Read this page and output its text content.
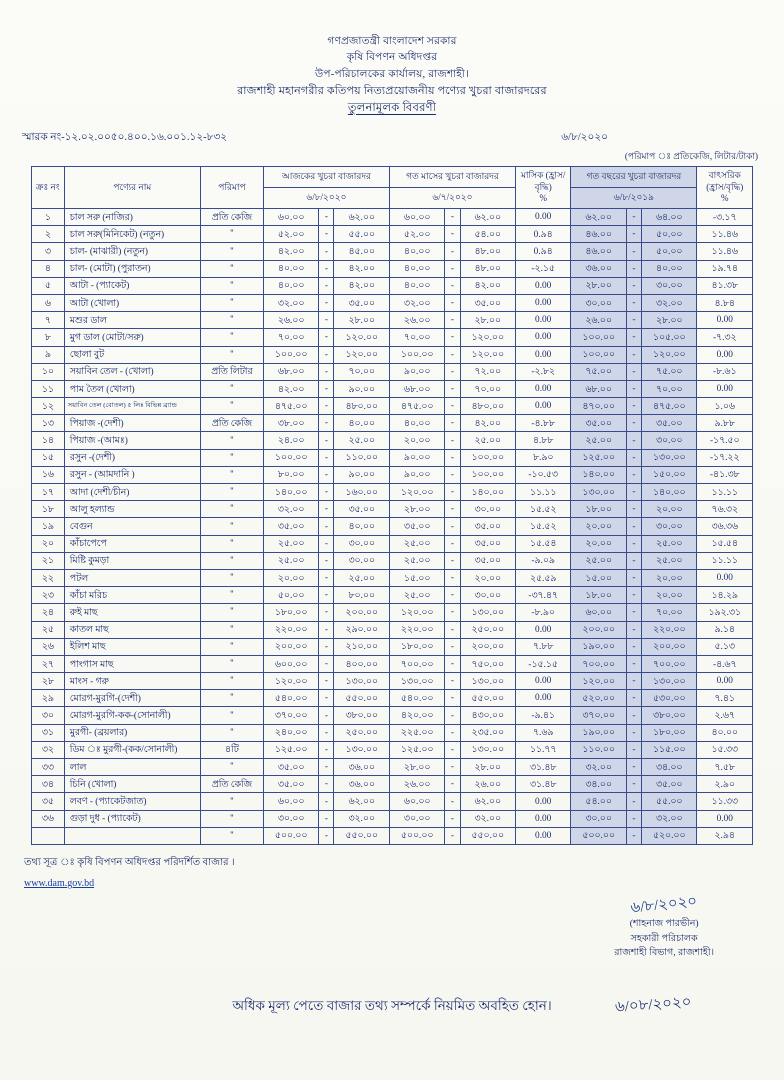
গণপ্রজাতন্ত্রী বাংলাদেশ সরকার
কৃষি বিপণন অধিদপ্তর
উপ-পরিচালকের কার্যালয়, রাজশাহী।
রাজশাহী মহানগরীর কতিপয় নিত্যপ্রয়োজনীয় পণ্যের খুচরা বাজারদরের
তুলনামূলক বিবরণী
স্মারক নং-১২.০২.০০৫০.৪০০.১৬.০০১.১২-৮৩২	৬/৮/২০২০
(পরিমাপ ঃ প্রতিকেজি, লিটার/টাকা)
ক্রঃ নং	পণ্যের নাম	পরিমাপ	আজকের খুচরা বাজারদর			গত মাসের খুচরা বাজারদর			মাসিক (হ্রাস/বৃদ্ধি)
%	গত বছরের খুচরা বাজারদর			বাৎসরিক (হ্রাস/বৃদ্ধি)
%
			৬/৮/২০২০			৬/৭/২০২০				৬/৮/২০১৯			
১	চাল সরু (নাজির)	প্রতি কেজি	৬০.০০	-	৬২.০০	৬০.০০	-	৬২.০০	0.00	৬২.০০	-	৬৪.০০	-৩.১৭
২	চাল সরু(মিনিকেট) (নতুন)	''	৫২.০০	-	৫৫.০০	৫২.০০	-	৫৪.০০	0.৯৪	৪৬.০০	-	৫০.০০	১১.৪৬
৩	চাল- (মাঝারী) (নতুন)	''	৪২.০০	-	৪৫.০০	৪০.০০	-	৪৮.০০	0.৯৪	৪৬.০০	-	৫০.০০	১১.৪৬
৪	চাল- (মোটা) (পুরাতন)	''	৪০.০০	-	৪২.০০	৪০.০০	-	৪৮.০০	-২.১৫	৩৬.০০	-	৪০.০০	১৯.৭৪
৫	আটা - (প্যাকেট)	''	৪০.০০	-	৪২.০০	৪০.০০	-	৪২.০০	0.00	২৮.০০	-	৩০.০০	৪১.৩৮
৬	আটা (খোলা)	''	৩২.০০	-	৩৫.০০	৩২.০০	-	৩৫.০০	0.00	৩০.০০	-	৩২.০০	৪.৮৪
৭	মশুর ডাল	''	২৬.০০	-	২৮.০০	২৬.০০	-	২৮.০০	0.00	২৬.০০	-	২৮.০০	0.00
৮	মুগ ডাল (মোটা/সরু)	''	৭০.০০	-	১২০.০০	৭০.০০	-	১২০.০০	0.00	১০০.০০	-	১০৫.০০	-৭.৩২
৯	ছোলা বুট	''	১০০.০০	-	১২০.০০	১০০.০০	-	১২০.০০	0.00	১০০.০০	-	১২০.০০	0.00
১০	সয়াবিন তেল - (খোলা)	প্রতি লিটার	৬৮.০০	-	৭০.০০	৯০.০০	-	৭২.০০	-২.৮২	৭৫.০০	-	৭৫.০০	-৮.৬১
১১	পাম তৈল (খোলা)	''	৪২.০০	-	৯০.০০	৬৮.০০	-	৭০.০০	0.00	৬৮.০০	-	৭০.০০	0.00
১২	সয়াবিন তেল (বোতল) ৫ লিঃ বিভিন্ন ব্র্যান্ড	''	৪৭৫.০০	-	৪৮০.০০	৪৭৫.০০	-	৪৮০.০০	0.00	৪৭০.০০	-	৪৭৫.০০	১.০৬
১৩	পিয়াজ -(দেশী)	প্রতি কেজি	৩৮.০০	-	৪০.০০	৪০.০০	-	৪২.০০	-৪.৮৮	৩৫.০০	-	৩৫.০০	৯.৮৮
১৪	পিয়াজ -(আমঃ)	''	২৪.০০	-	২৫.০০	২০.০০	-	২৫.০০	৪.৮৮	২৫.০০	-	৩০.০০	-১৭.৫০
১৫	রসুন -(দেশী)	''	১০০.০০	-	১১০.০০	৯০.০০	-	১০০.০০	৮.৯০	১২৫.০০	-	১৩০.০০	-১৭.২২
১৬	রসুন - (আমদানি )	''	৮০.০০	-	৯০.০০	৯০.০০	-	১০০.০০	-১০.৫৩	১৪০.০০	-	১৫০.০০	-৪১.৩৮
১৭	আদা (দেশী/চীন)	''	১৪০.০০	-	১৬০.০০	১২০.০০	-	১৪০.০০	১১.১১	১৩০.০০	-	১৪০.০০	১১.১১
১৮	আলু হল্যান্ড	''	৩২.০০	-	৩৫.০০	২৮.০০	-	৩০.০০	১৫.৫২	১৮.০০	-	২০.০০	৭৬.৩২
১৯	বেগুন	''	৩৫.০০	-	৪০.০০	৩৫.০০	-	৩৫.০০	১৫.৫২	২০.০০	-	৩০.০০	৩৬.৩৬
২০	কাঁচাপেপে	''	২৫.০০	-	৩০.০০	২৫.০০	-	৩৫.০০	১৫.৫৪	২০.০০	-	২৫.০০	১৫.৫৪
২১	মিষ্টি কুমড়া	''	২৫.০০	-	৩০.০০	২৫.০০	-	৩৫.০০	-৯.০৯	২৫.০০	-	২৫.০০	১১.১১
২২	পটল	''	২০.০০	-	২৫.০০	১৫.০০	-	২০.০০	২৫.৫৯	১৫.০০	-	২০.০০	0.00
২৩	কাঁচা মরিচ	''	৫০.০০	-	৮০.০০	২৫.০০	-	৩০.০০	-৩৭.৪৭	১৮.০০	-	২০.০০	১৪.২৯
২৪	রুই মাছ	''	১৮০.০০	-	২০০.০০	১২০.০০	-	১৩০.০০	-৮.৯০	৬০.০০	-	৭০.০০	১৯২.৩১
২৫	কাতল মাছ	''	২২০.০০	-	২৯০.০০	২২০.০০	-	২৫০.০০	0.00	২০০.০০	-	২২০.০০	৯.১৪
২৬	ইলিশ মাছ	''	২০০.০০	-	২১০.০০	১৮০.০০	-	২০০.০০	৭.৮৮	১৯০.০০	-	২০০.০০	৫.১৩
২৭	পাংগাস মাছ	''	৬০০.০০	-	৪০০.০০	৭০০.০০	-	৭৫০.০০	-১৫.১৫	৭০০.০০	-	৭০০.০০	-৪.৬৭
২৮	মাংস - গরু	''	১২০.০০	-	১৩০.০০	১৩০.০০	-	১৩০.০০	0.00	১২০.০০	-	১৩০.০০	0.00
২৯	মোরগ-মুরগি-(দেশী)	''	৫৪০.০০	-	৫৫০.০০	৫৪০.০০	-	৫৫০.০০	0.00	৫২০.০০	-	৫৩০.০০	৭.৪১
৩০	মোরগ-মুরগি-কক-(সোনালী)	''	৩৭০.০০	-	৩৮০.০০	৪২০.০০	-	৪৩০.০০	-৯.৪১	৩৭০.০০	-	৩৮০.০০	২.৬৭
৩১	মুরগী- (ব্রয়লার)	''	২৪০.০০	-	২৫০.০০	২২৫.০০	-	২৩৫.০০	৭.৬৯	১৯০.০০	-	১৮০.০০	৪০.০০
৩২	ডিম ঃ মুরগী-(কক/সোনালী)	৪টি	১২৫.০০	-	১৩০.০০	১২৫.০০	-	১৩০.০০	১১.৭৭	১১০.০০	-	১১৫.০০	১৫.৩৩
৩৩	লাল	''	৩৫.০০	-	৩৬.০০	২৮.০০	-	২৮.০০	৩১.৪৮	৩২.০০	-	৩৪.০০	৭.৫৮
৩৪	চিনি (খোলা)	প্রতি কেজি	৩৫.০০	-	৩৬.০০	২৬.০০	-	২৬.০০	৩১.৪৮	৩৪.০০	-	৩৫.০০	২.৯০
৩৫	লবণ - (প্যাকেটজাত)	''	৬০.০০	-	৬২.০০	৬০.০০	-	৬২.০০	0.00	৫৪.০০	-	৫৫.০০	১১.৩৩
৩৬	গুড়া দুধ - (প্যাকেট)	''	৩০.০০	-	৩২.০০	৩০.০০	-	৩২.০০	0.00	৩০.০০	-	৩২.০০	0.00
		''	৫০০.০০	-	৫৫০.০০	৫০০.০০	-	৫৫০.০০	0.00	৫০০.০০	-	৫২০.০০	২.৯৪
তথ্য সূত্র ঃ কৃষি বিপণন অধিদপ্তর পরিদর্শিত বাজার ।
www.dam.gov.bd
৬/৮/২০২০
(শাহনাজ পারভীন)
সহকারী পরিচালক
রাজশাহী বিভাগ, রাজশাহী।
৬/০৮/২০২০
অধিক মূল্য পেতে বাজার তথ্য সম্পর্কে নিয়মিত অবহিত হোন।
